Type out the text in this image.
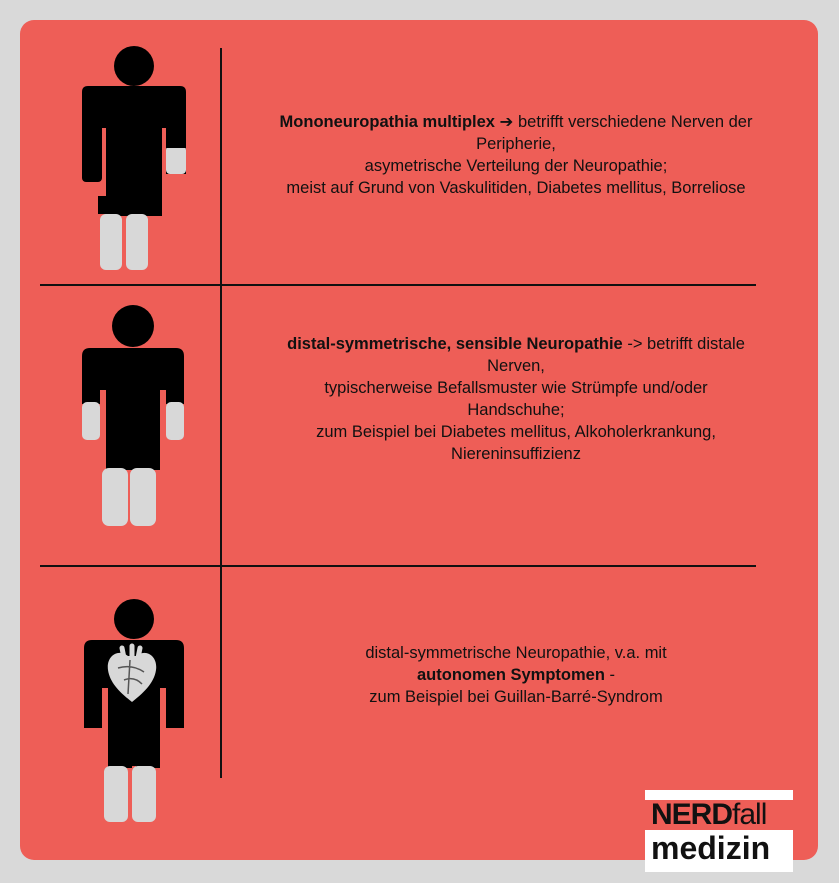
Mononeuropathia multiplex ➔ betrifft verschiedene Nerven der

Peripherie,

asymetrische Verteilung der Neuropathie;

meist auf Grund von Vaskulitiden, Diabetes mellitus, Borreliose

distal-symmetrische, sensible Neuropathie -> betrifft distale

Nerven,

typischerweise Befallsmuster wie Strümpfe und/oder

Handschuhe;

zum Beispiel bei Diabetes mellitus, Alkoholerkrankung,

Niereninsuffizienz

distal-symmetrische Neuropathie, v.a. mit

autonomen Symptomen -

zum Beispiel bei Guillan-Barré-Syndrom

NERDfall
medizin
